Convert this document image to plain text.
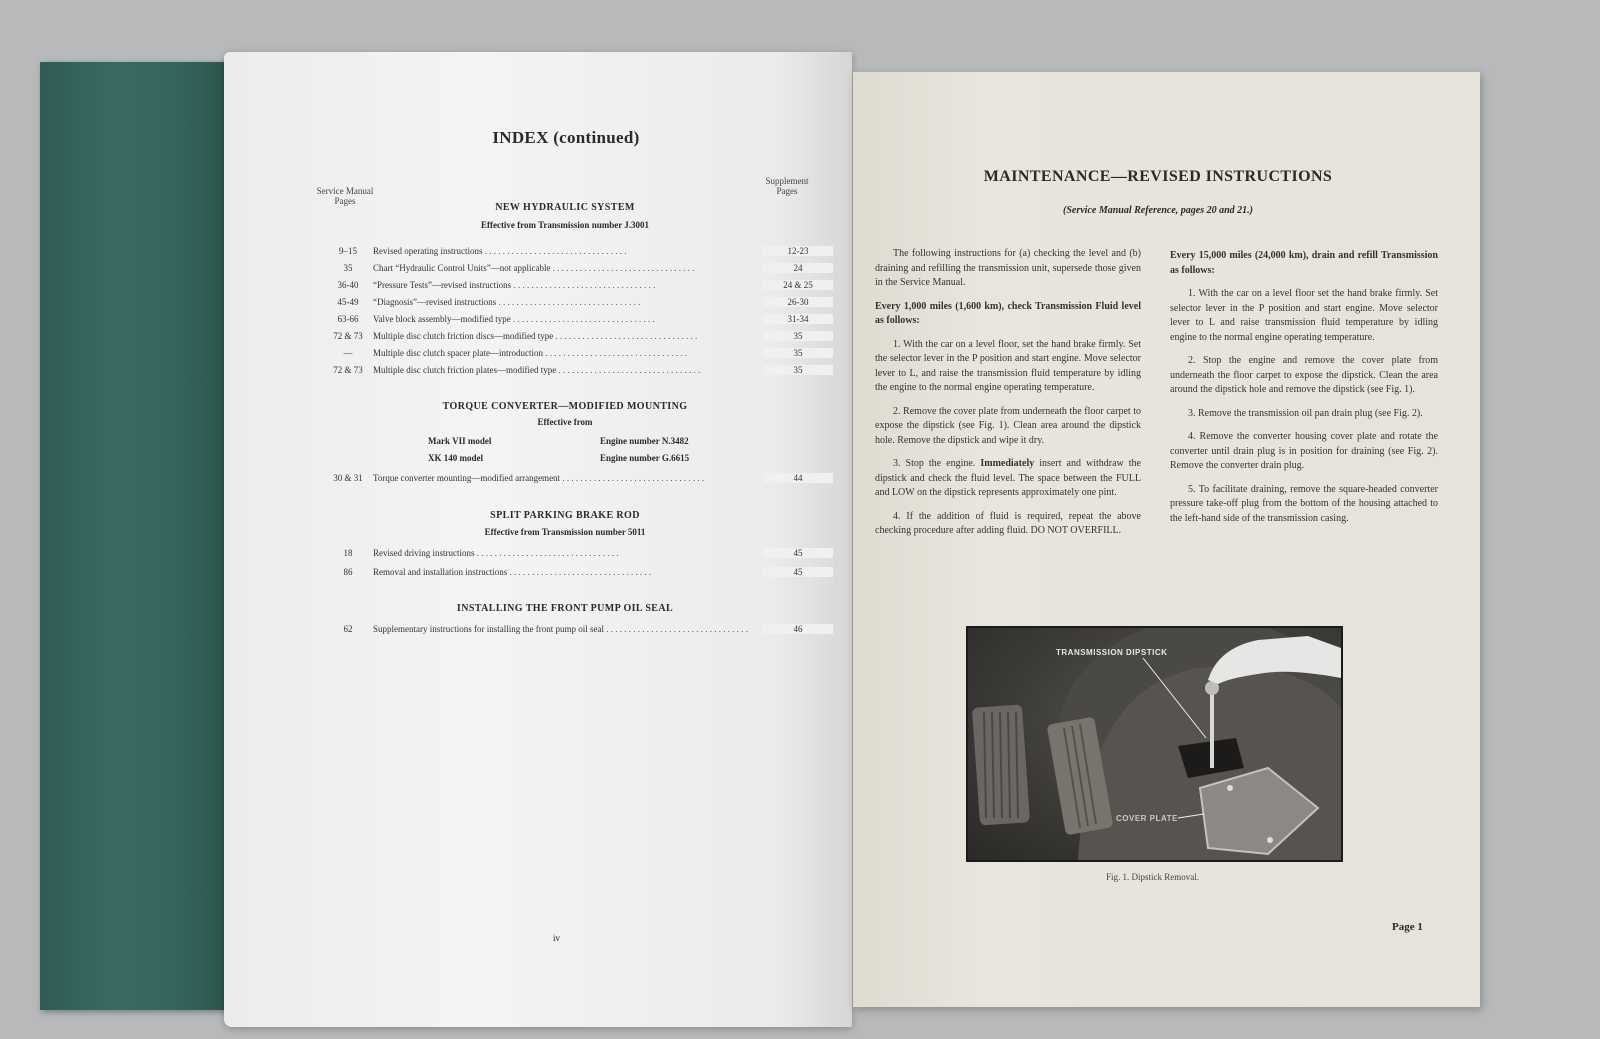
INDEX (continued)
Service Manual
Pages
Supplement
Pages
NEW HYDRAULIC SYSTEM
Effective from Transmission number J.3001
9–15	Revised operating instructions . .	12-23
35	Chart “Hydraulic Control Units”—not applicable . .	24
36-40	“Pressure Tests”—revised instructions . .	24 & 25
45-49	“Diagnosis”—revised instructions . .	26-30
63-66	Valve block assembly—modified type . .	31-34
72 & 73	Multiple disc clutch friction discs—modified type . .	35
—	Multiple disc clutch spacer plate—introduction . .	35
72 & 73	Multiple disc clutch friction plates—modified type . .	35
TORQUE CONVERTER—MODIFIED MOUNTING
Effective from
Mark VII model	Engine number N.3482
XK 140 model	Engine number G.6615
30 & 31	Torque converter mounting—modified arrangement . .	44
SPLIT PARKING BRAKE ROD
Effective from Transmission number 5011
18	Revised driving instructions . .	45
86	Removal and installation instructions . .	45
INSTALLING THE FRONT PUMP OIL SEAL
62	Supplementary instructions for installing the front pump oil seal . .	46
iv
MAINTENANCE—REVISED INSTRUCTIONS
(Service Manual Reference, pages 20 and 21.)

The following instructions for (a) checking the level and (b) draining and refilling the transmission unit, supersede those given in the Service Manual.

Every 1,000 miles (1,600 km), check Transmission Fluid level as follows:

1. With the car on a level floor, set the hand brake firmly. Set the selector lever in the P position and start engine. Move selector lever to L, and raise the transmission fluid temperature by idling the engine to the normal engine operating temperature.

2. Remove the cover plate from underneath the floor carpet to expose the dipstick (see Fig. 1). Clean area around the dipstick hole. Remove the dipstick and wipe it dry.

3. Stop the engine. Immediately insert and withdraw the dipstick and check the fluid level. The space between the FULL and LOW on the dipstick represents approximately one pint.

4. If the addition of fluid is required, repeat the above checking procedure after adding fluid. DO NOT OVERFILL.

Every 15,000 miles (24,000 km), drain and refill Transmission as follows:

1. With the car on a level floor set the hand brake firmly. Set selector lever in the P position and start engine. Move selector lever to L and raise transmission fluid temperature by idling engine to the normal engine operating temperature.

2. Stop the engine and remove the cover plate from underneath the floor carpet to expose the dipstick. Clean the area around the dipstick hole and remove the dipstick (see Fig. 1).

3. Remove the transmission oil pan drain plug (see Fig. 2).

4. Remove the converter housing cover plate and rotate the converter until drain plug is in position for draining (see Fig. 2). Remove the converter drain plug.

5. To facilitate draining, remove the square-headed converter pressure take-off plug from the bottom of the housing attached to the left-hand side of the transmission casing.

TRANSMISSION DIPSTICK
COVER PLATE
Fig. 1. Dipstick Removal.
Page 1
